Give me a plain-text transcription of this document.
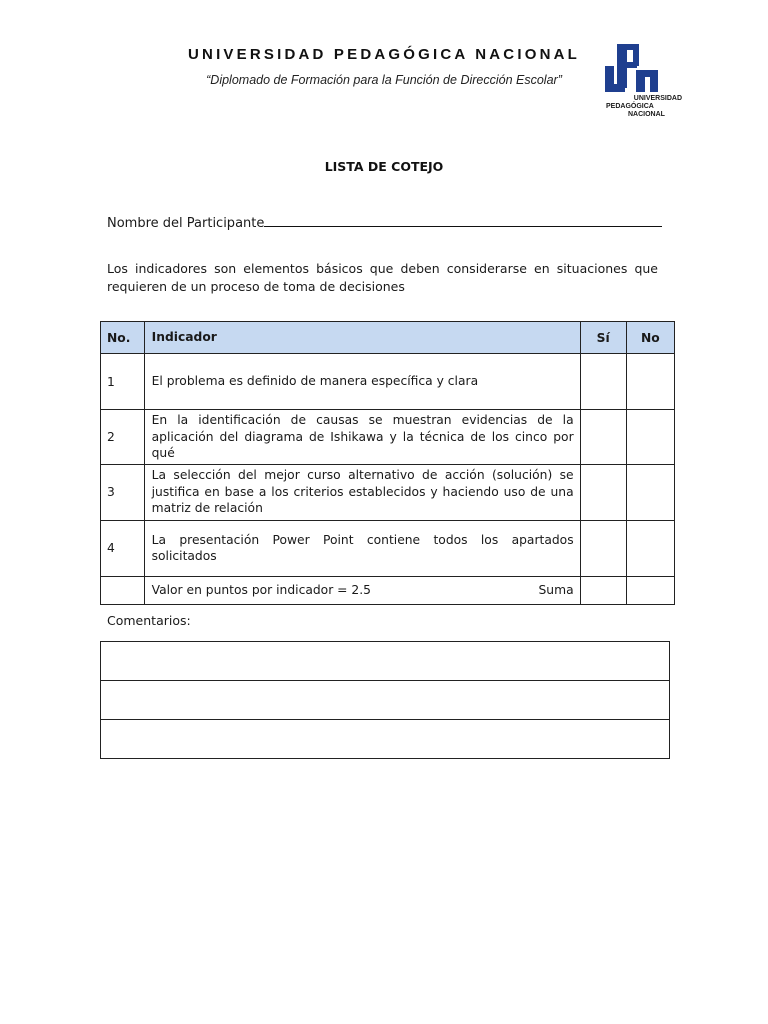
UNIVERSIDAD PEDAGÓGICA NACIONAL
“Diplomado de Formación para la Función de Dirección Escolar”
UNIVERSIDAD
PEDAGÓGICA
NACIONAL
LISTA DE COTEJO
Nombre del Participante
Los indicadores son elementos básicos que deben considerarse en situaciones que requieren de un proceso de toma de decisiones
No.	Indicador	Sí	No
1	El problema es definido de manera específica y clara		
2	En la identificación de causas se muestran evidencias de la aplicación del diagrama de Ishikawa y la técnica de los cinco por qué		
3	La selección del mejor curso alternativo de acción (solución) se justifica en base a los criterios establecidos y haciendo uso de una matriz de relación		
4	La presentación Power Point contiene todos los apartados solicitados		

	Valor en puntos por indicador = 2.5 Suma		

Comentarios:
